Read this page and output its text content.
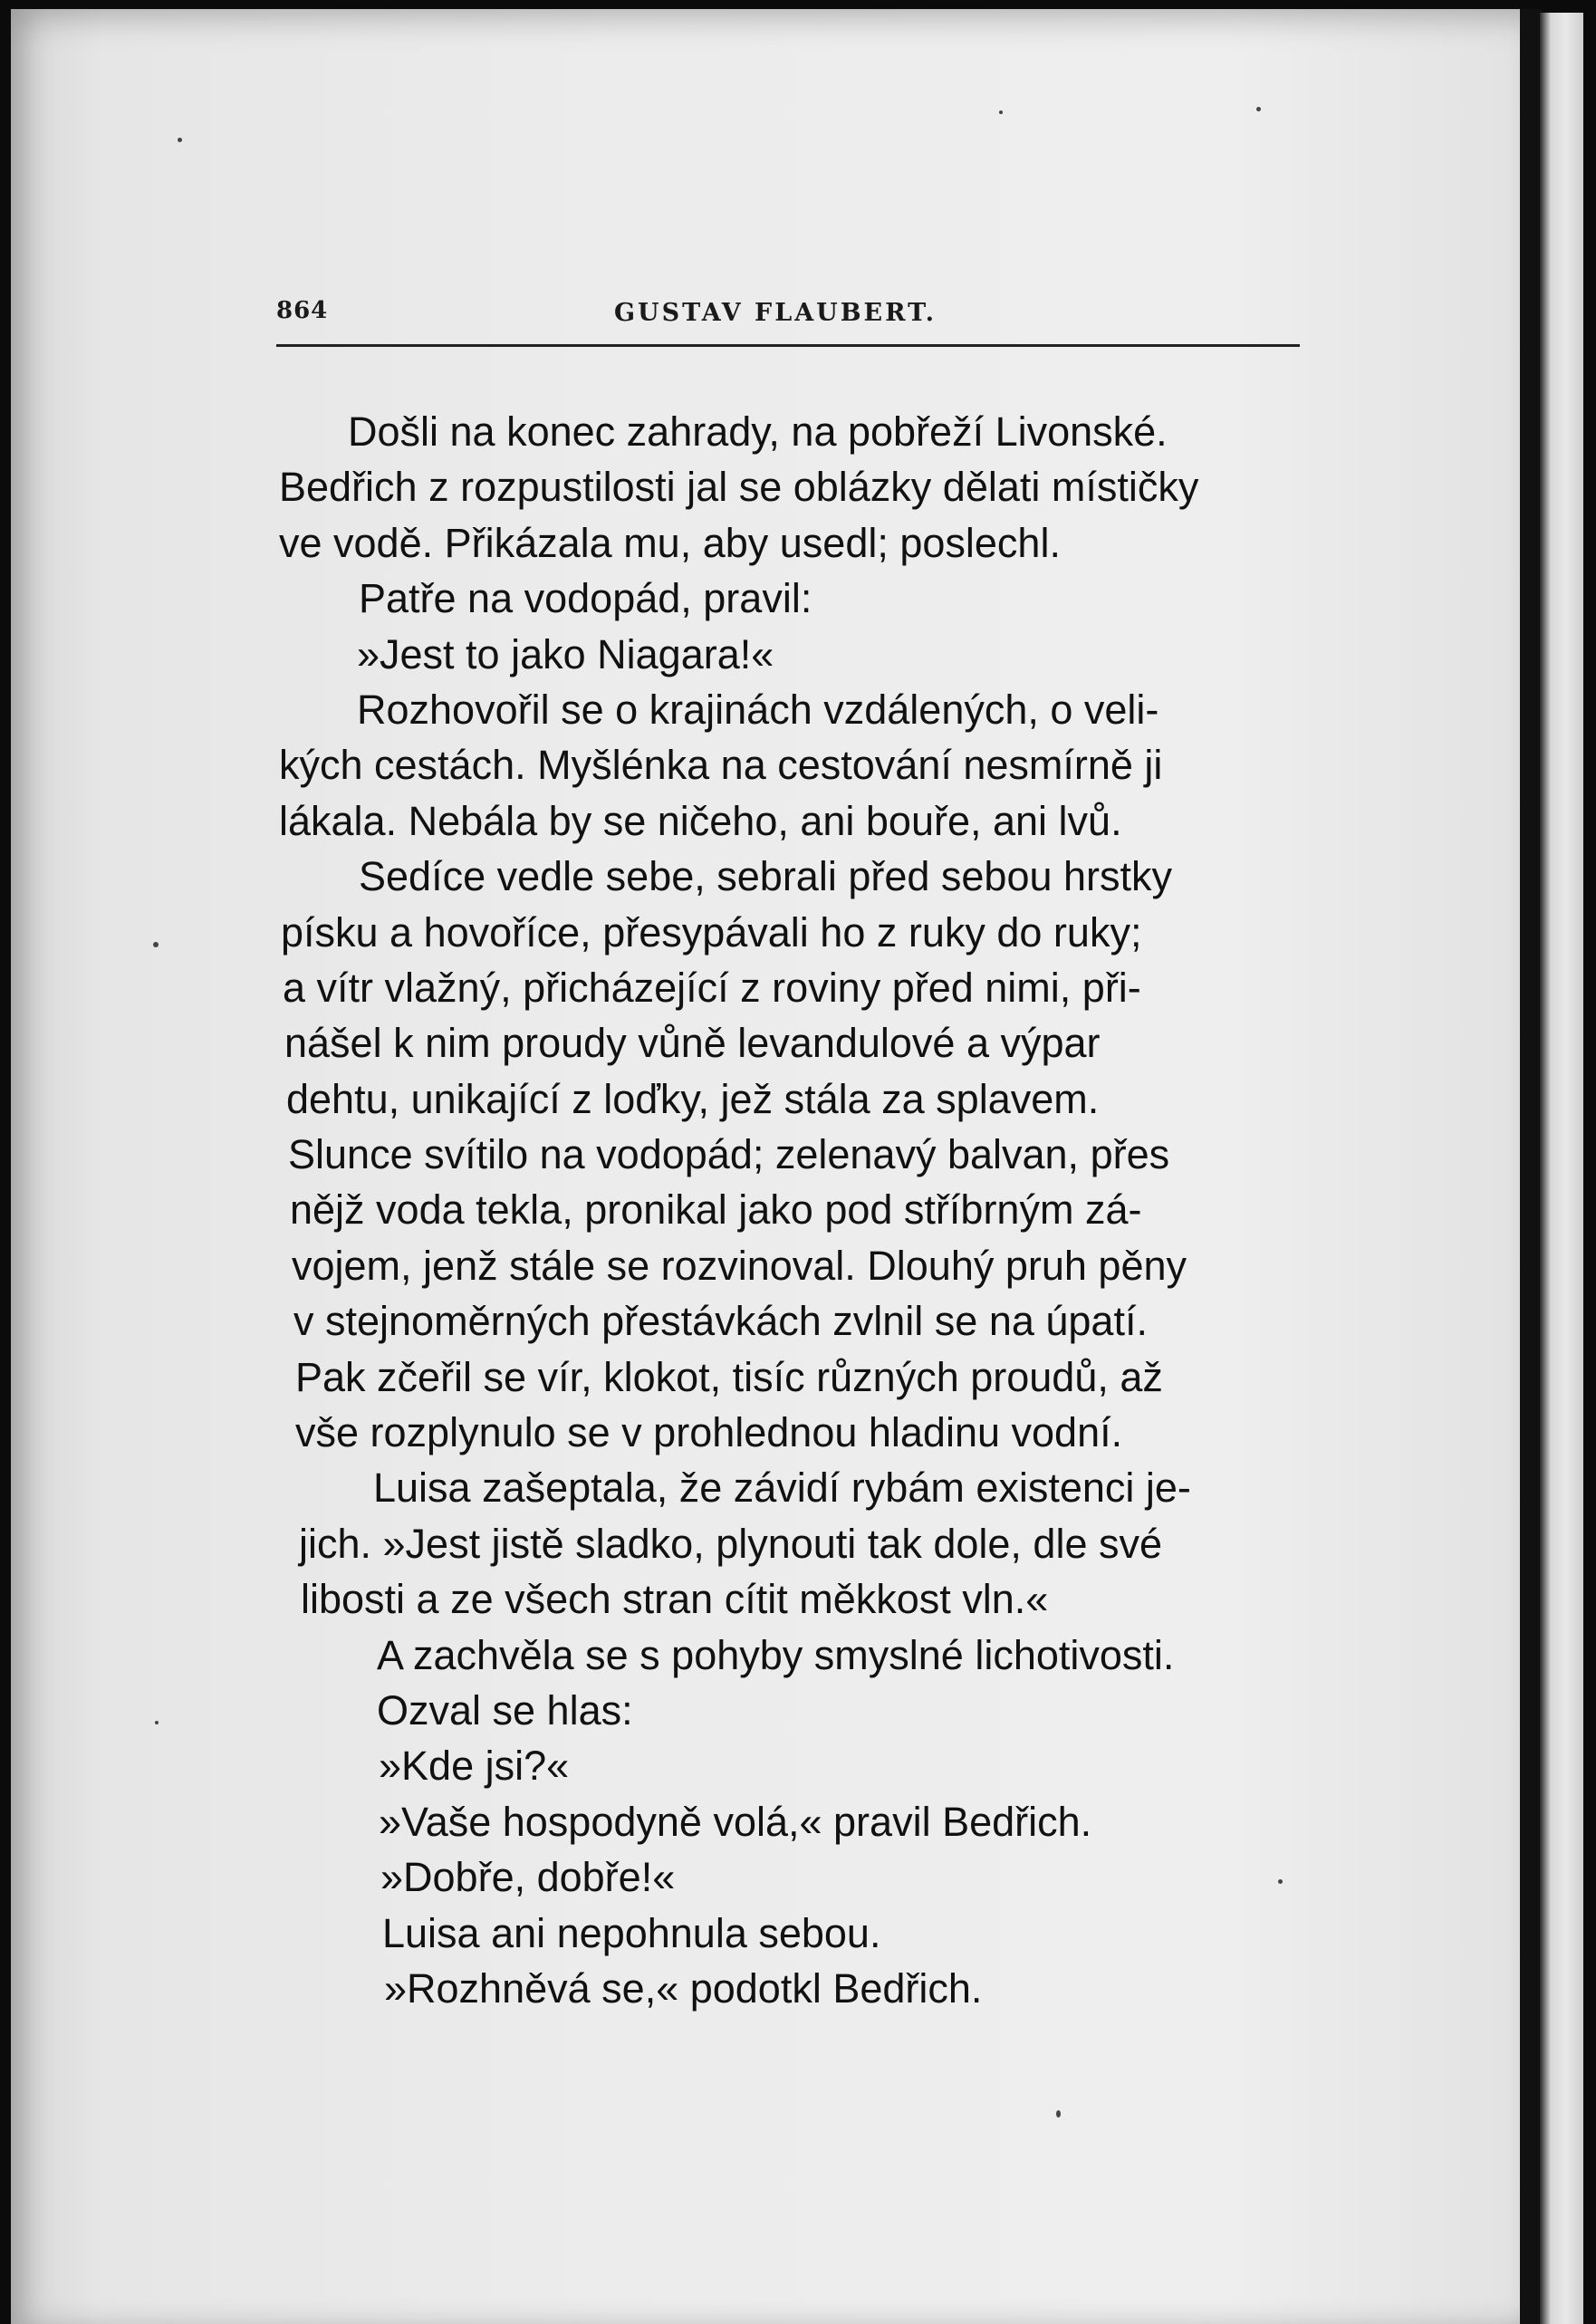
864	GUSTAV FLAUBERT.
Došli na konec zahrady, na pobřeží Livonské.
Bedřich z rozpustilosti jal se oblázky dělati místičky
ve vodě. Přikázala mu, aby usedl; poslechl.
Patře na vodopád, pravil:
»Jest to jako Niagara!«
Rozhovořil se o krajinách vzdálených, o veli-
kých cestách. Myšlénka na cestování nesmírně ji
lákala. Nebála by se ničeho, ani bouře, ani lvů.
Sedíce vedle sebe, sebrali před sebou hrstky
písku a hovoříce, přesypávali ho z ruky do ruky;
a vítr vlažný, přicházející z roviny před nimi, při-
nášel k nim proudy vůně levandulové a výpar
dehtu, unikající z loďky, jež stála za splavem.
Slunce svítilo na vodopád; zelenavý balvan, přes
nějž voda tekla, pronikal jako pod stříbrným zá-
vojem, jenž stále se rozvinoval. Dlouhý pruh pěny
v stejnoměrných přestávkách zvlnil se na úpatí.
Pak zčeřil se vír, klokot, tisíc různých proudů, až
vše rozplynulo se v prohlednou hladinu vodní.
Luisa zašeptala, že závidí rybám existenci je-
jich. »Jest jistě sladko, plynouti tak dole, dle své
libosti a ze všech stran cítit měkkost vln.«
A zachvěla se s pohyby smyslné lichotivosti.
Ozval se hlas:
»Kde jsi?«
»Vaše hospodyně volá,« pravil Bedřich.
»Dobře, dobře!«
Luisa ani nepohnula sebou.
»Rozhněvá se,« podotkl Bedřich.
